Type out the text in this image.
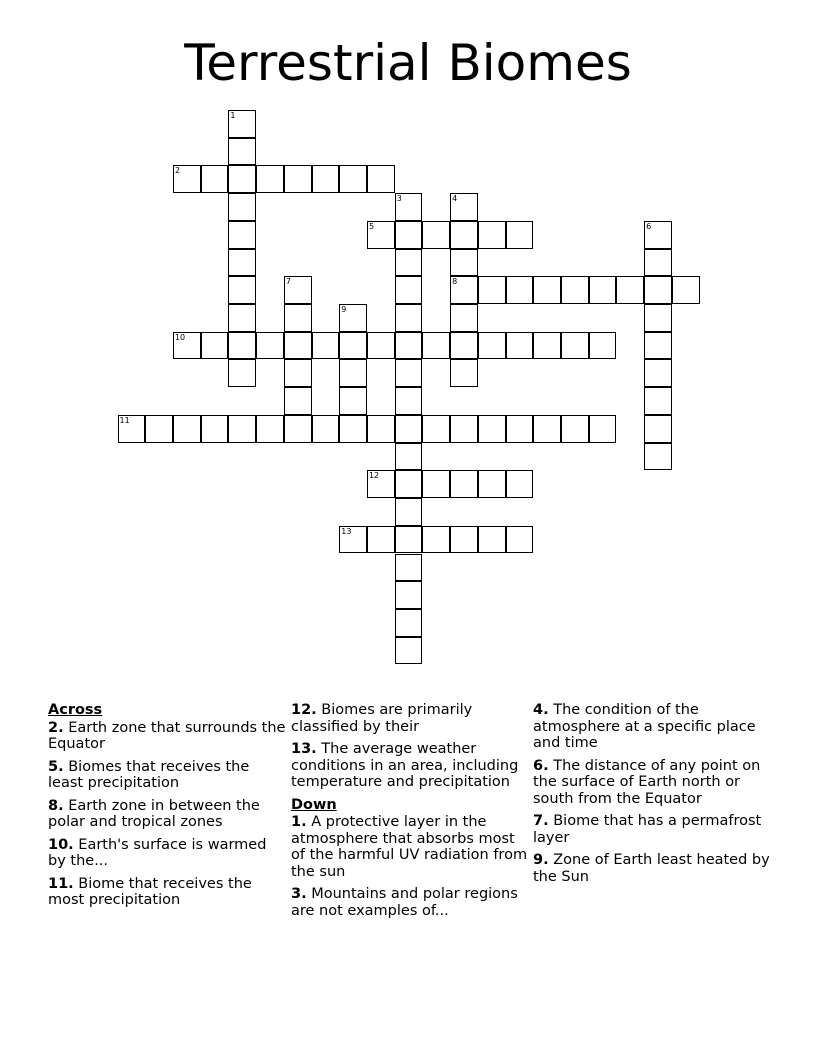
Terrestrial Biomes
1
2
3	4
8
5	6
7
9
10
11
12
13
Across
2. Earth zone that surrounds the Equator
5. Biomes that receives the least precipitation
8. Earth zone in between the polar and tropical zones
10. Earth's surface is warmed by the...
11. Biome that receives the most precipitation
12. Biomes are primarily classified by their
13. The average weather conditions in an area, including temperature and precipitation
Down
1. A protective layer in the atmosphere that absorbs most of the harmful UV radiation from the sun
3. Mountains and polar regions are not examples of...
4. The condition of the atmosphere at a specific place and time
6. The distance of any point on the surface of Earth north or south from the Equator
7. Biome that has a permafrost layer
9. Zone of Earth least heated by the Sun
